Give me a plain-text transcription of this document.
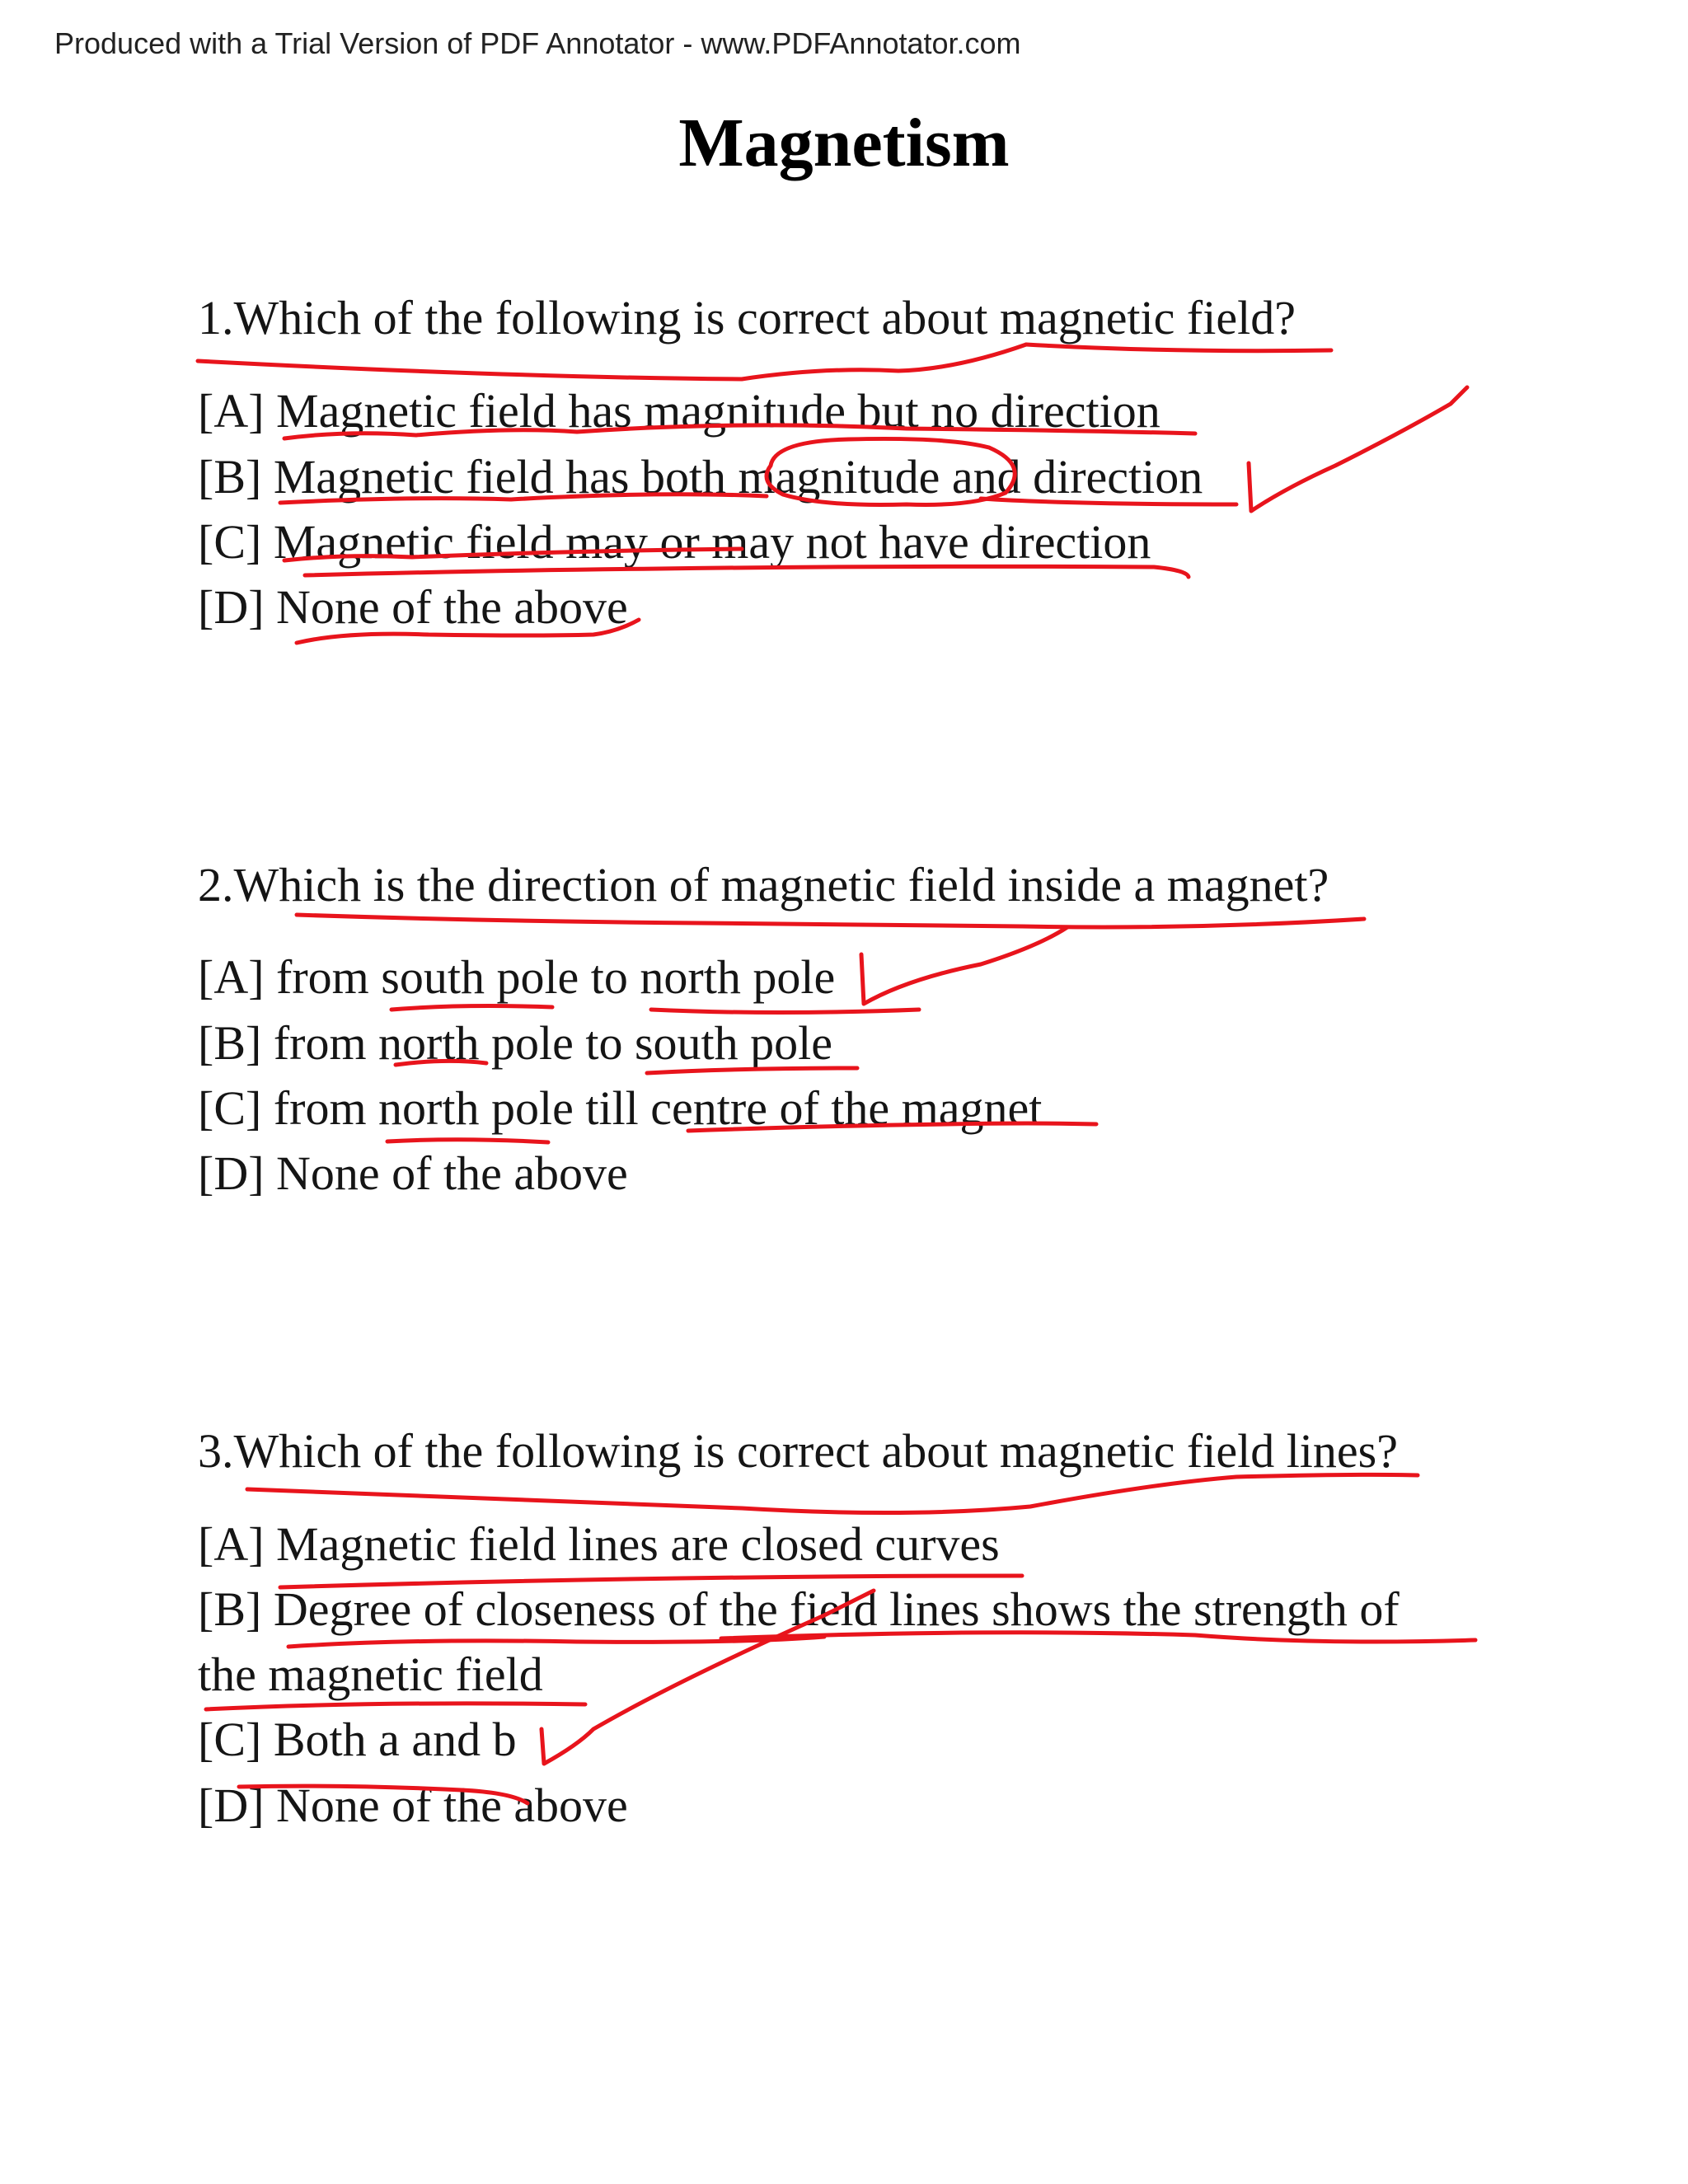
Produced with a Trial Version of PDF Annotator - www.PDFAnnotator.com
Magnetism
1.Which of the following is correct about magnetic field?
[A] Magnetic field has magnitude but no direction
[B] Magnetic field has both magnitude and direction
[C] Magnetic field may or may not have direction
[D] None of the above
2.Which is the direction of magnetic field inside a magnet?
[A] from south pole to north pole
[B] from north pole to south pole
[C] from north pole till centre of the magnet
[D] None of the above
3.Which of the following is correct about magnetic field lines?
[A] Magnetic field lines are closed curves
[B] Degree of closeness of the field lines shows the strength of
the magnetic field
[C] Both a and b
[D] None of the above
